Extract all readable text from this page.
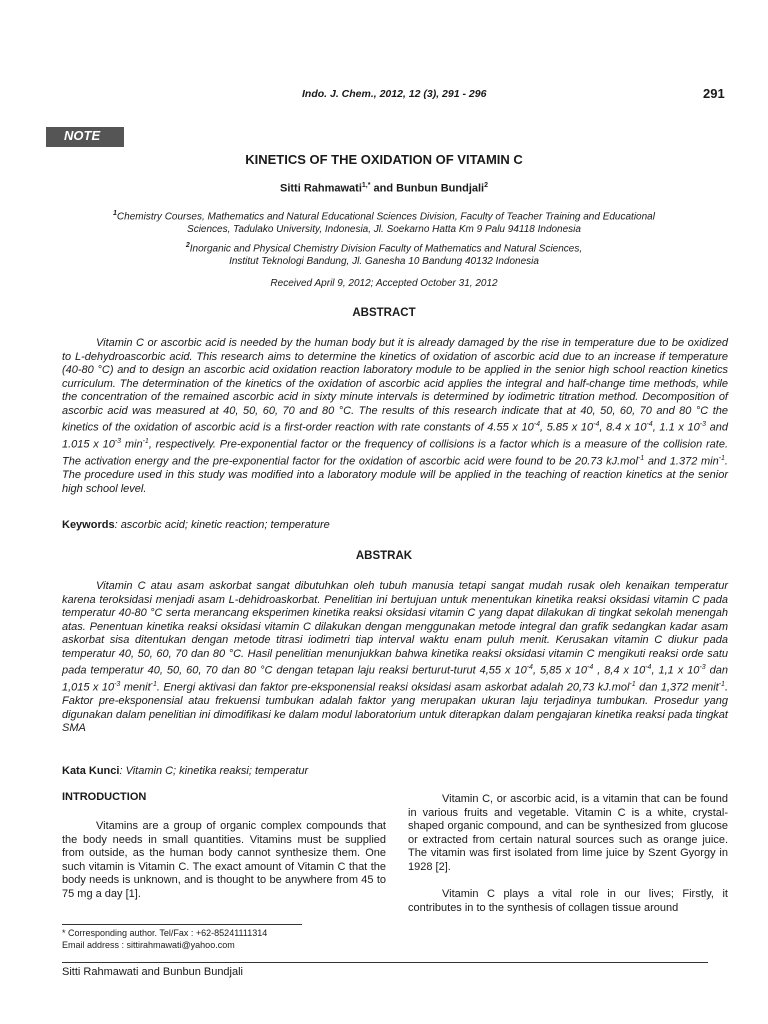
Indo. J. Chem., 2012, 12 (3), 291 - 296	291
NOTE
KINETICS OF THE OXIDATION OF VITAMIN C
Sitti Rahmawati$^{1,*}$ and Bunbun Bundjali$^2$
$^1$Chemistry Courses, Mathematics and Natural Educational Sciences Division, Faculty of Teacher Training and Educational
Sciences, Tadulako University, Indonesia, Jl. Soekarno Hatta Km 9 Palu 94118 Indonesia
$^2$Inorganic and Physical Chemistry Division Faculty of Mathematics and Natural Sciences,
Institut Teknologi Bandung, Jl. Ganesha 10 Bandung 40132 Indonesia
Received April 9, 2012; Accepted October 31, 2012
ABSTRACT

Vitamin C or ascorbic acid is needed by the human body but it is already damaged by the rise in temperature due to be oxidized to L-dehydroascorbic acid. This research aims to determine the kinetics of oxidation of ascorbic acid due to an increase if temperature (40-80 °C) and to design an ascorbic acid oxidation reaction laboratory module to be applied in the senior high school reaction kinetics curriculum. The determination of the kinetics of the oxidation of ascorbic acid applies the integral and half-change time methods, while the concentration of the remained ascorbic acid in sixty minute intervals is determined by iodimetric titration method. Decomposition of ascorbic acid was measured at 40, 50, 60, 70 and 80 °C. The results of this research indicate that at 40, 50, 60, 70 and 80 °C the kinetics of the oxidation of ascorbic acid is a first-order reaction with rate constants of 4.55 x $10^{-4}$, 5.85 x $10^{-4}$, 8.4 x $10^{-4}$, 1.1 x $10^{-3}$ and 1.015 x $10^{-3}$ $\min^{-1}$, respectively. Pre-exponential factor or the frequency of collisions is a factor which is a measure of the collision rate. The activation energy and the pre-exponential factor for the oxidation of ascorbic acid were found to be 20.73 kJ.mol$^{-1}$ and 1.372 $\min^{-1}$. The procedure used in this study was modified into a laboratory module will be applied in the teaching of reaction kinetics at the senior high school level.

Keywords: ascorbic acid; kinetic reaction; temperature
ABSTRAK

Vitamin C atau asam askorbat sangat dibutuhkan oleh tubuh manusia tetapi sangat mudah rusak oleh kenaikan temperatur karena teroksidasi menjadi asam L-dehidroaskorbat. Penelitian ini bertujuan untuk menentukan kinetika reaksi oksidasi vitamin C pada temperatur 40-80 °C serta merancang eksperimen kinetika reaksi oksidasi vitamin C yang dapat dilakukan di tingkat sekolah menengah atas. Penentuan kinetika reaksi oksidasi vitamin C dilakukan dengan menggunakan metode integral dan grafik sedangkan kadar asam askorbat sisa ditentukan dengan metode titrasi iodimetri tiap interval waktu enam puluh menit. Kerusakan vitamin C diukur pada temperatur 40, 50, 60, 70 dan 80 °C. Hasil penelitian menunjukkan bahwa kinetika reaksi oksidasi vitamin C mengikuti reaksi orde satu pada temperatur 40, 50, 60, 70 dan 80 °C dengan tetapan laju reaksi berturut-turut 4,55 x $10^{-4}$, 5,85 x $10^{-4}$ , 8,4 x $10^{-4}$, 1,1 x $10^{-3}$ dan 1,015 x $10^{-3}$ menit$^{-1}$. Energi aktivasi dan faktor pre-eksponensial reaksi oksidasi asam askorbat adalah 20,73 kJ.mol$^{-1}$ dan 1,372 menit$^{-1}$. Faktor pre-eksponensial atau frekuensi tumbukan adalah faktor yang merupakan ukuran laju terjadinya tumbukan. Prosedur yang digunakan dalam penelitian ini dimodifikasi ke dalam modul laboratorium untuk diterapkan dalam pengajaran kinetika reaksi pada tingkat SMA

Kata Kunci: Vitamin C; kinetika reaksi; temperatur
INTRODUCTION

Vitamins are a group of organic complex compounds that the body needs in small quantities. Vitamins must be supplied from outside, as the human body cannot synthesize them. One such vitamin is Vitamin C. The exact amount of Vitamin C that the body needs is unknown, and is thought to be anywhere from 45 to 75 mg a day [1].

Vitamin C, or ascorbic acid, is a vitamin that can be found in various fruits and vegetable. Vitamin C is a white, crystal-shaped organic compound, and can be synthesized from glucose or extracted from certain natural sources such as orange juice. The vitamin was first isolated from lime juice by Szent Gyorgy in 1928 [2].

Vitamin C plays a vital role in our lives; Firstly, it contributes in to the synthesis of collagen tissue around

* Corresponding author. Tel/Fax : +62-85241111314
Email address : sittirahmawati@yahoo.com
Sitti Rahmawati and Bunbun Bundjali
